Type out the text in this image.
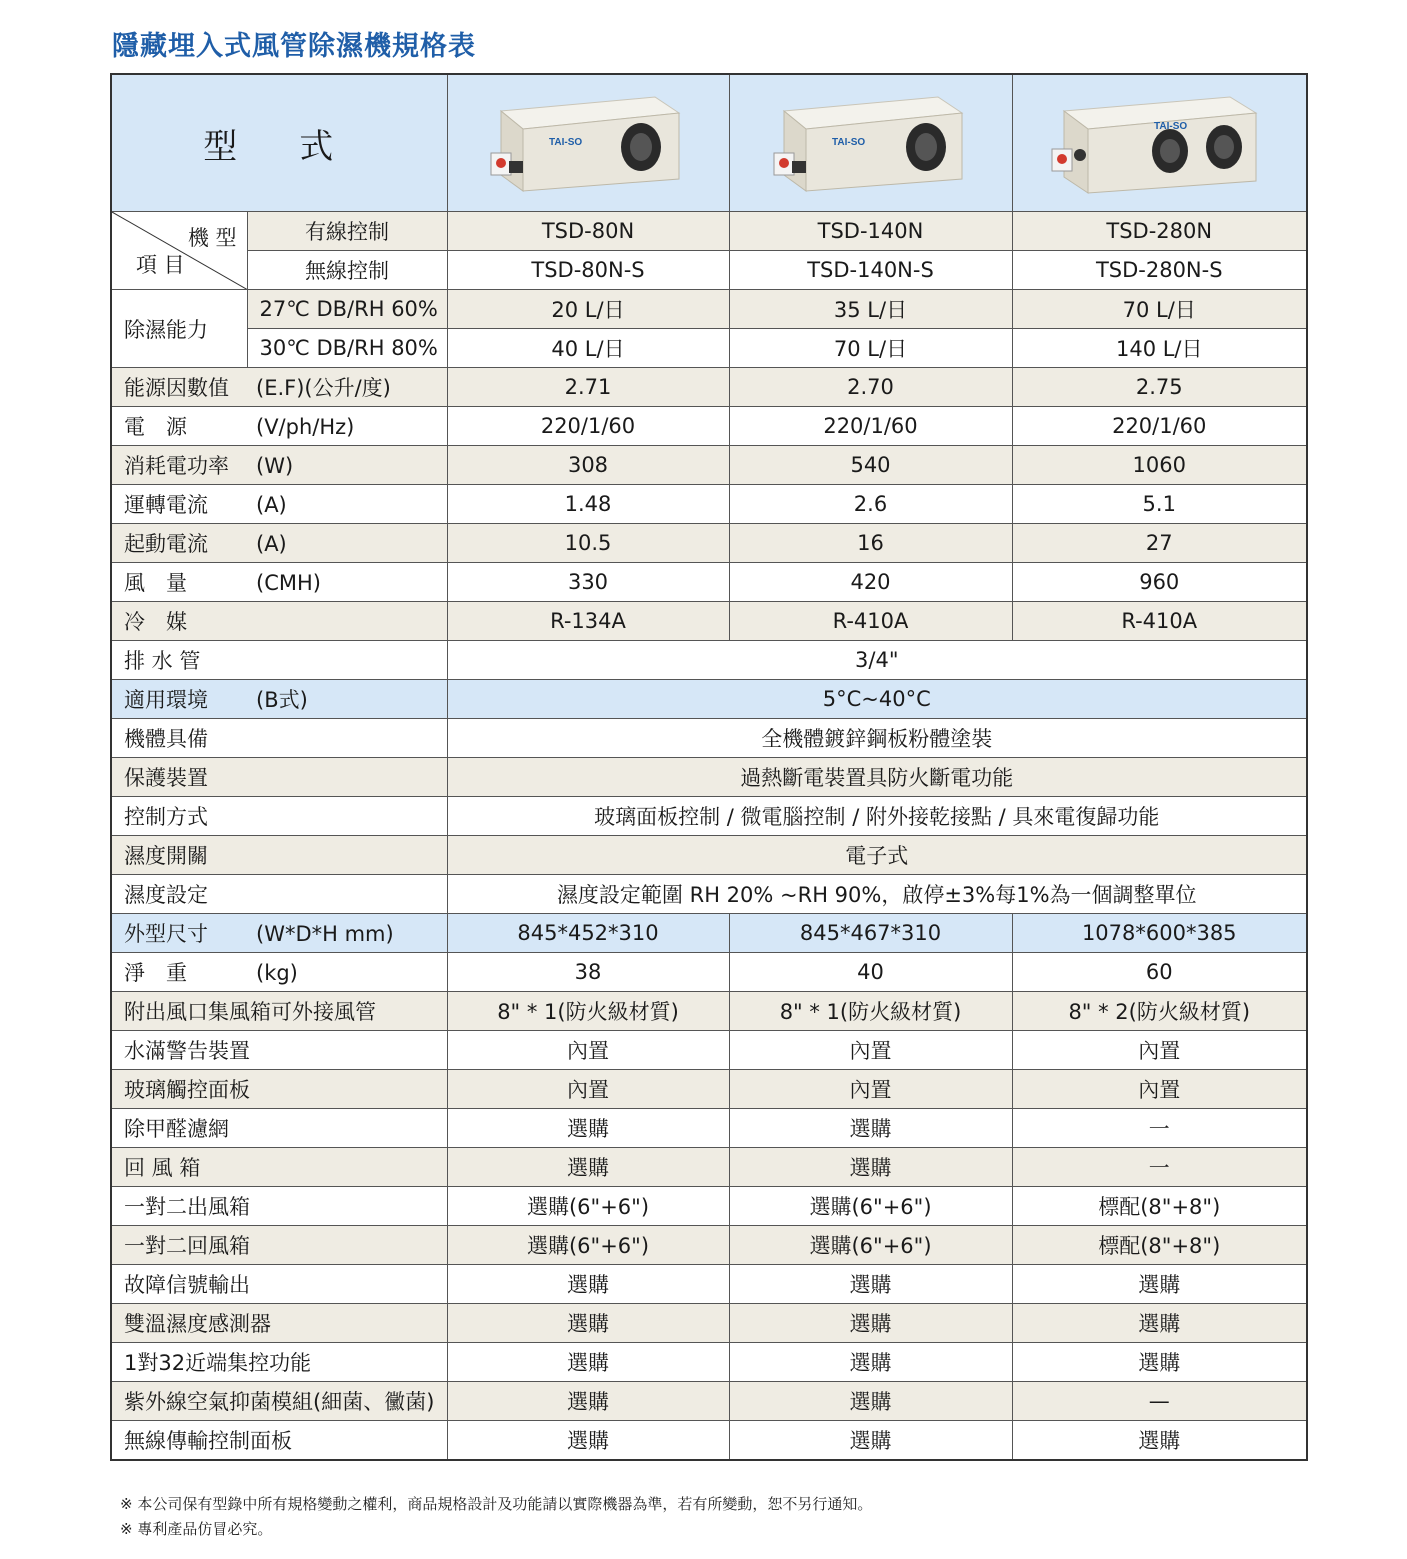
隱藏埋入式風管除濕機規格表
型式		TAI-SO	TAI-SO	TAI-SO

機 型
項 目	有線控制	TSD-80N	TSD-140N	TSD-280N
	無線控制	TSD-80N-S	TSD-140N-S	TSD-280N-S
除濕能力	27℃ DB/RH 60%	20 L/日	35 L/日	70 L/日
	30℃ DB/RH 80%	40 L/日	70 L/日	140 L/日
能源因數值 (E.F)(公升/度)		2.71	2.70	2.75
電　源 (V/ph/Hz)		220/1/60	220/1/60	220/1/60
消耗電功率 (W)		308	540	1060
運轉電流 (A)		1.48	2.6	5.1
起動電流 (A)		10.5	16	27
風　量 (CMH)		330	420	960
冷　媒		R-134A	R-410A	R-410A
排 水 管		3/4"		
適用環境 (B式)		5°C~40°C		
機體具備		全機體鍍鋅鋼板粉體塗裝		
保護裝置		過熱斷電裝置具防火斷電功能		
控制方式		玻璃面板控制 / 微電腦控制 / 附外接乾接點 / 具來電復歸功能		
濕度開關		電子式		
濕度設定		濕度設定範圍 RH 20% ~RH 90%，啟停±3%每1%為一個調整單位		
外型尺寸 (W*D*H mm)		845*452*310	845*467*310	1078*600*385
淨　重 (kg)		38	40	60
附出風口集風箱可外接風管		8" * 1(防火級材質)	8" * 1(防火級材質)	8" * 2(防火級材質)
水滿警告裝置		內置	內置	內置
玻璃觸控面板		內置	內置	內置
除甲醛濾網		選購	選購	一
回 風 箱		選購	選購	一
一對二出風箱		選購(6"+6")	選購(6"+6")	標配(8"+8")
一對二回風箱		選購(6"+6")	選購(6"+6")	標配(8"+8")
故障信號輸出		選購	選購	選購
雙溫濕度感測器		選購	選購	選購
1對32近端集控功能		選購	選購	選購
紫外線空氣抑菌模組(細菌、黴菌)		選購	選購	—
無線傳輸控制面板		選購	選購	選購
※ 本公司保有型錄中所有規格變動之權利，商品規格設計及功能請以實際機器為準，若有所變動，恕不另行通知。
※ 專利產品仿冒必究。
